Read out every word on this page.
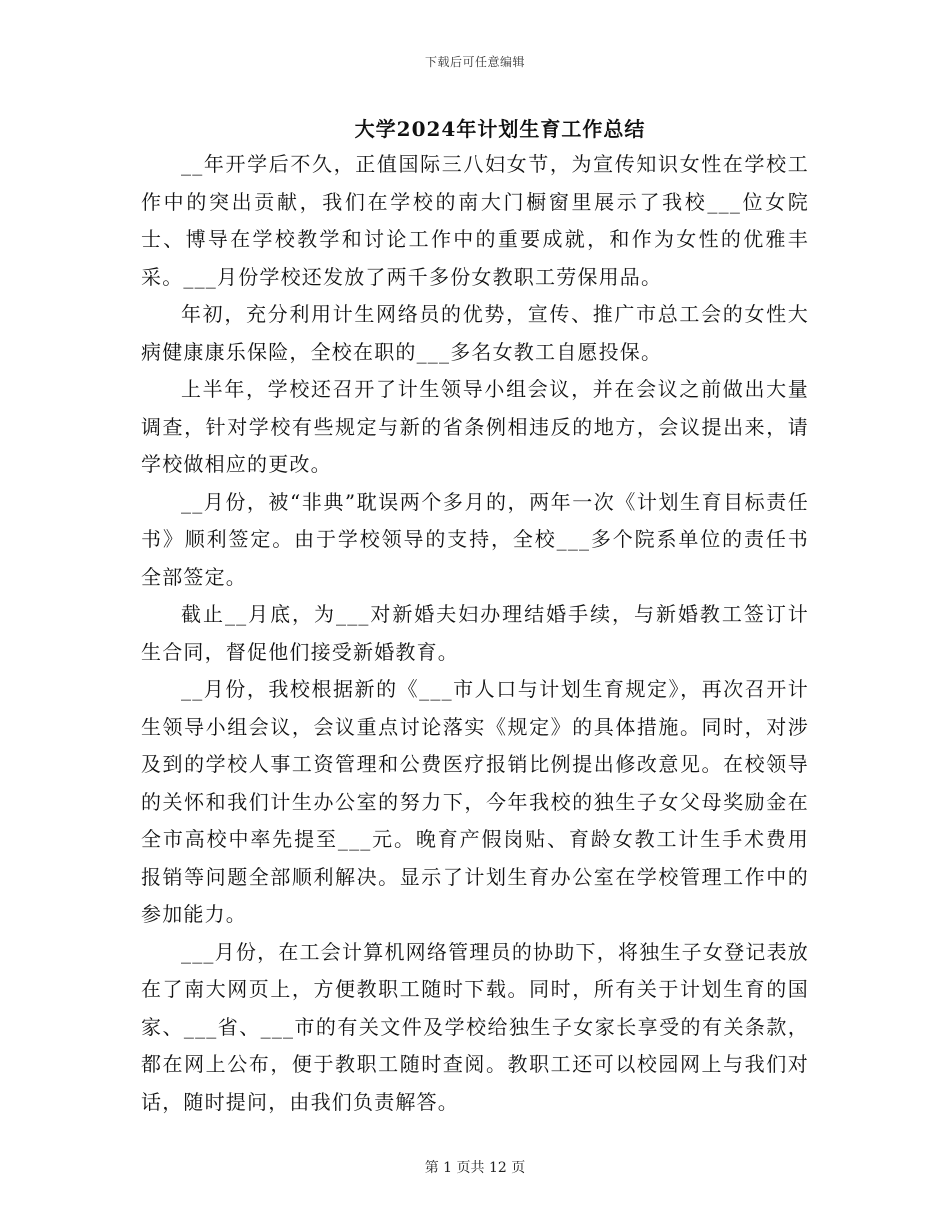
下载后可任意编辑
大学2024年计划生育工作总结

__年开学后不久，正值国际三八妇女节，为宣传知识女性在学校工作中的突出贡献，我们在学校的南大门橱窗里展示了我校___位女院士、博导在学校教学和讨论工作中的重要成就，和作为女性的优雅丰采。___月份学校还发放了两千多份女教职工劳保用品。

年初，充分利用计生网络员的优势，宣传、推广市总工会的女性大病健康康乐保险，全校在职的___多名女教工自愿投保。

上半年，学校还召开了计生领导小组会议，并在会议之前做出大量调查，针对学校有些规定与新的省条例相违反的地方，会议提出来，请学校做相应的更改。

__月份，被“非典”耽误两个多月的，两年一次《计划生育目标责任书》顺利签定。由于学校领导的支持，全校___多个院系单位的责任书全部签定。

截止__月底，为___对新婚夫妇办理结婚手续，与新婚教工签订计生合同，督促他们接受新婚教育。

__月份，我校根据新的《___市人口与计划生育规定》，再次召开计生领导小组会议，会议重点讨论落实《规定》的具体措施。同时，对涉及到的学校人事工资管理和公费医疗报销比例提出修改意见。在校领导的关怀和我们计生办公室的努力下，今年我校的独生子女父母奖励金在全市高校中率先提至___元。晚育产假岗贴、育龄女教工计生手术费用报销等问题全部顺利解决。显示了计划生育办公室在学校管理工作中的参加能力。

___月份，在工会计算机网络管理员的协助下，将独生子女登记表放在了南大网页上，方便教职工随时下载。同时，所有关于计划生育的国家、___省、___市的有关文件及学校给独生子女家长享受的有关条款，都在网上公布，便于教职工随时查阅。教职工还可以校园网上与我们对话，随时提问，由我们负责解答。

第 1 页共 12 页
